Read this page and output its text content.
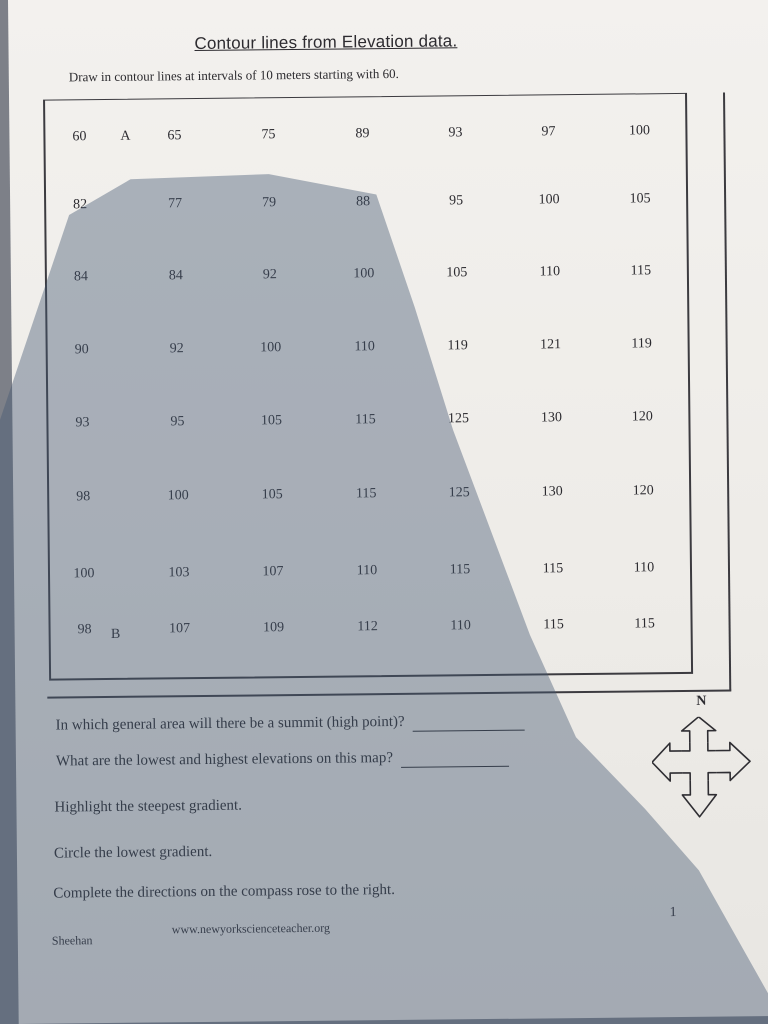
Contour lines from Elevation data.
Draw in contour lines at intervals of 10 meters starting with 60.
60	65	75	89	93	97	100
82	77	79	88	95	100	105
84	84	92	100	105	110	115
90	92	100	110	119	121	119
93	95	105	115	125	130	120
98	100	105	115	125	130	120
100	103	107	110	115	115	110
98	107	109	112	110	115	115
A
B
In which general area will there be a summit (high point)?
What are the lowest and highest elevations on this map?
Highlight the steepest gradient.
Circle the lowest gradient.
Complete the directions on the compass rose to the right.
N
Sheehan
www.newyorkscienceteacher.org
1
